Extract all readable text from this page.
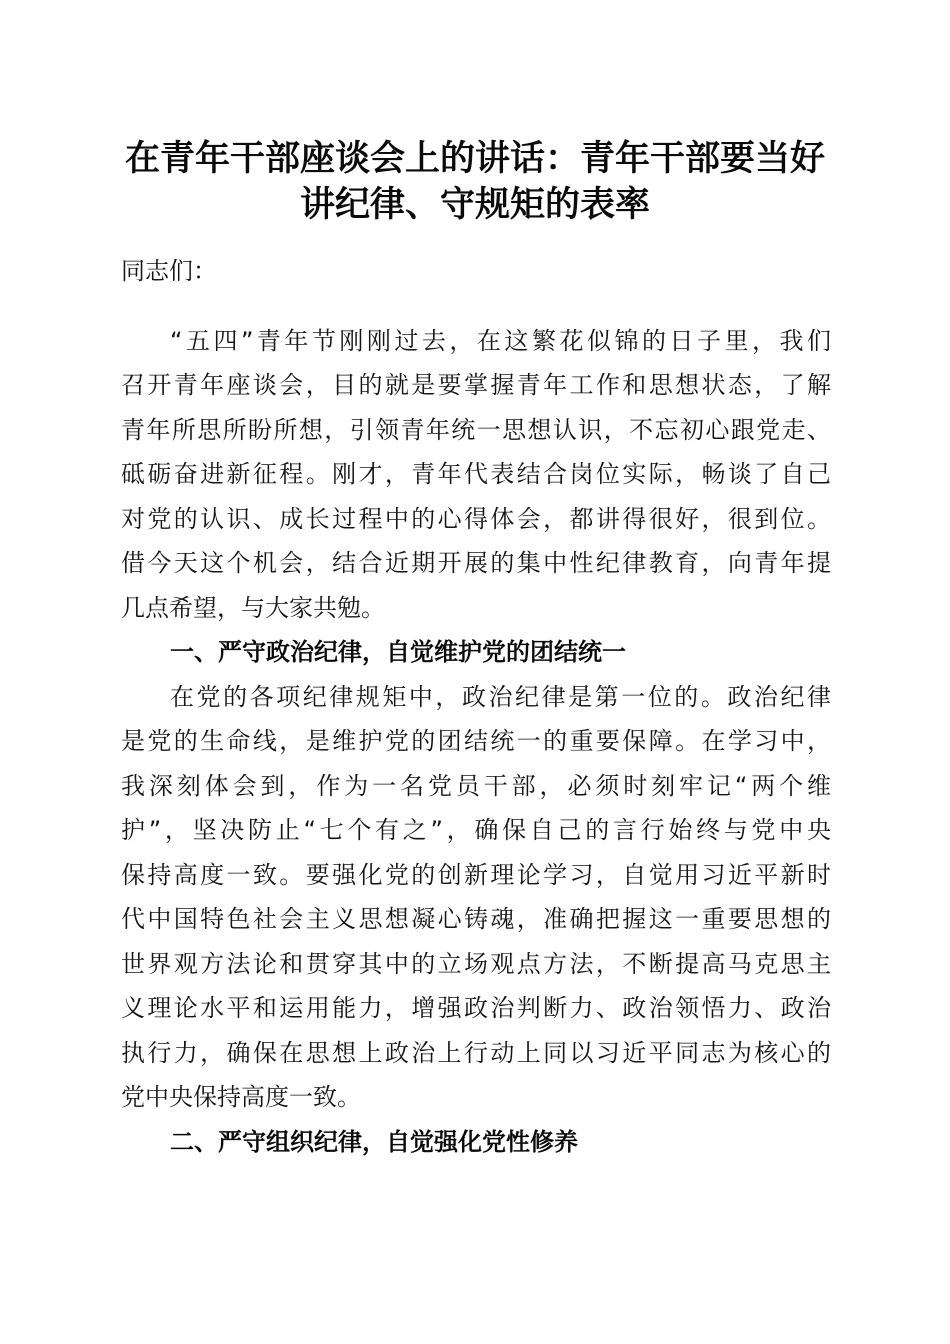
在青年干部座谈会上的讲话：青年干部要当好
讲纪律、守规矩的表率
同志们：
“五四”青年节刚刚过去，在这繁花似锦的日子里，我们
召开青年座谈会，目的就是要掌握青年工作和思想状态，了解
青年所思所盼所想，引领青年统一思想认识，不忘初心跟党走、
砥砺奋进新征程。刚才，青年代表结合岗位实际，畅谈了自己
对党的认识、成长过程中的心得体会，都讲得很好，很到位。
借今天这个机会，结合近期开展的集中性纪律教育，向青年提
几点希望，与大家共勉。
一、严守政治纪律，自觉维护党的团结统一
在党的各项纪律规矩中，政治纪律是第一位的。政治纪律
是党的生命线，是维护党的团结统一的重要保障。在学习中，
我深刻体会到，作为一名党员干部，必须时刻牢记“两个维
护”，坚决防止“七个有之”，确保自己的言行始终与党中央
保持高度一致。要强化党的创新理论学习，自觉用习近平新时
代中国特色社会主义思想凝心铸魂，准确把握这一重要思想的
世界观方法论和贯穿其中的立场观点方法，不断提高马克思主
义理论水平和运用能力，增强政治判断力、政治领悟力、政治
执行力，确保在思想上政治上行动上同以习近平同志为核心的
党中央保持高度一致。
二、严守组织纪律，自觉强化党性修养
